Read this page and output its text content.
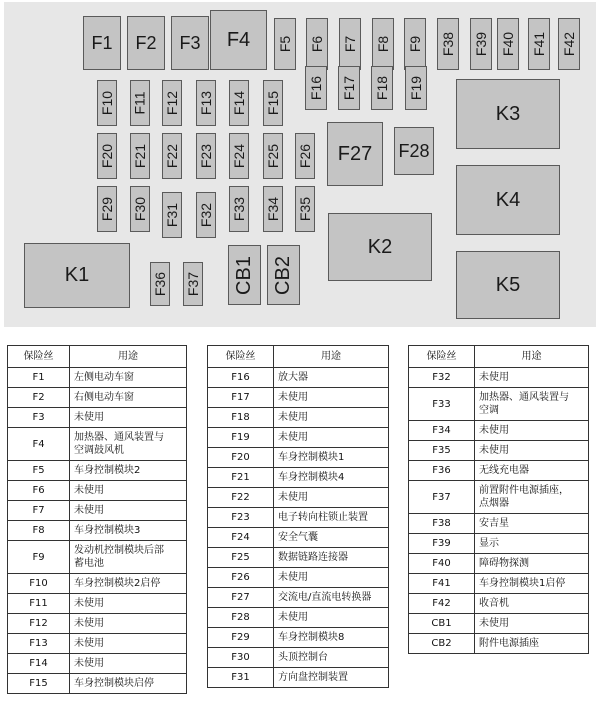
F1 F2 F3 F4 F5 F6 F7 F8 F9 F38 F39 F40 F41 F42
F10 F11 F12 F13 F14 F15
F16 F17 F18 F19
F20 F21 F22 F23 F24 F25 F26 F27 F28
F29 F30 F31 F32 F33 F34 F35
F36 F37
K1
K2
K3
K4
K5
CB1 CB2
保险丝	用途
F1	左侧电动车窗
F2	右侧电动车窗
F3	未使用
F4	加热器、通风装置与
空调鼓风机
F5	车身控制模块2
F6	未使用
F7	未使用
F8	车身控制模块3
F9	发动机控制模块后部
蓄电池
F10	车身控制模块2启停
F11	未使用
F12	未使用
F13	未使用
F14	未使用
F15	车身控制模块启停
保险丝	用途
F16	放大器
F17	未使用
F18	未使用
F19	未使用
F20	车身控制模块1
F21	车身控制模块4
F22	未使用
F23	电子转向柱锁止装置
F24	安全气囊
F25	数据链路连接器
F26	未使用
F27	交流电/直流电转换器
F28	未使用
F29	车身控制模块8
F30	头顶控制台
F31	方向盘控制装置
保险丝	用途
F32	未使用
F33	加热器、通风装置与
空调
F34	未使用
F35	未使用
F36	无线充电器
F37	前置附件电源插座，
点烟器
F38	安吉星
F39	显示
F40	障碍物探测
F41	车身控制模块1启停
F42	收音机
CB1	未使用
CB2	附件电源插座
